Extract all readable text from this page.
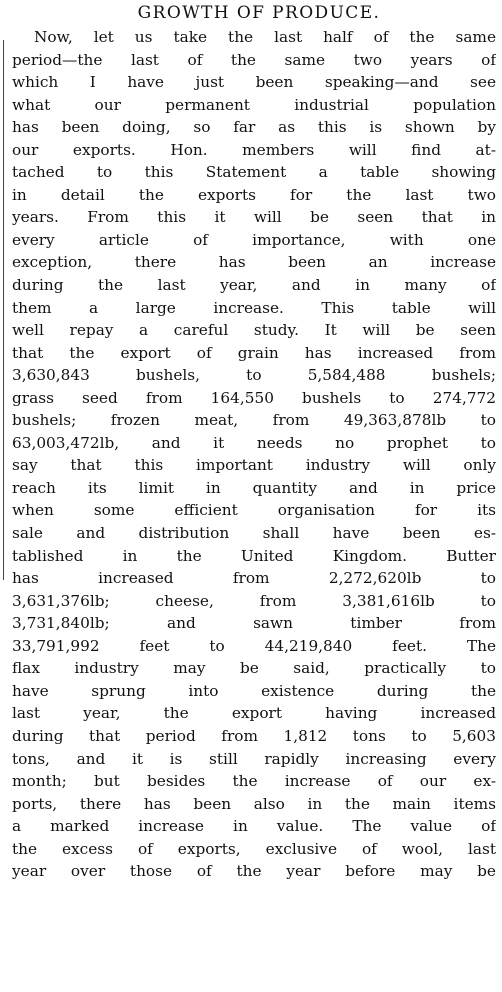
GROWTH OF PRODUCE.
Now, let us take the last half of the same
period—the last of the same two years of
which I have just been speaking—and see
what our permanent industrial population
has been doing, so far as this is shown by
our exports. Hon. members will find at-
tached to this Statement a table showing
in detail the exports for the last two
years. From this it will be seen that in
every article of importance, with one
exception, there has been an increase
during the last year, and in many of
them a large increase. This table will
well repay a careful study. It will be seen
that the export of grain has increased from
3,630,843 bushels, to 5,584,488 bushels;
grass seed from 164,550 bushels to 274,772
bushels; frozen meat, from 49,363,878lb to
63,003,472lb, and it needs no prophet to
say that this important industry will only
reach its limit in quantity and in price
when some efficient organisation for its
sale and distribution shall have been es-
tablished in the United Kingdom. Butter
has increased from 2,272,620lb to
3,631,376lb; cheese, from 3,381,616lb to
3,731,840lb; and sawn timber from
33,791,992 feet to 44,219,840 feet. The
flax industry may be said, practically to
have sprung into existence during the
last year, the export having increased
during that period from 1,812 tons to 5,603
tons, and it is still rapidly increasing every
month; but besides the increase of our ex-
ports, there has been also in the main items
a marked increase in value. The value of
the excess of exports, exclusive of wool, last
year over those of the year before may be
